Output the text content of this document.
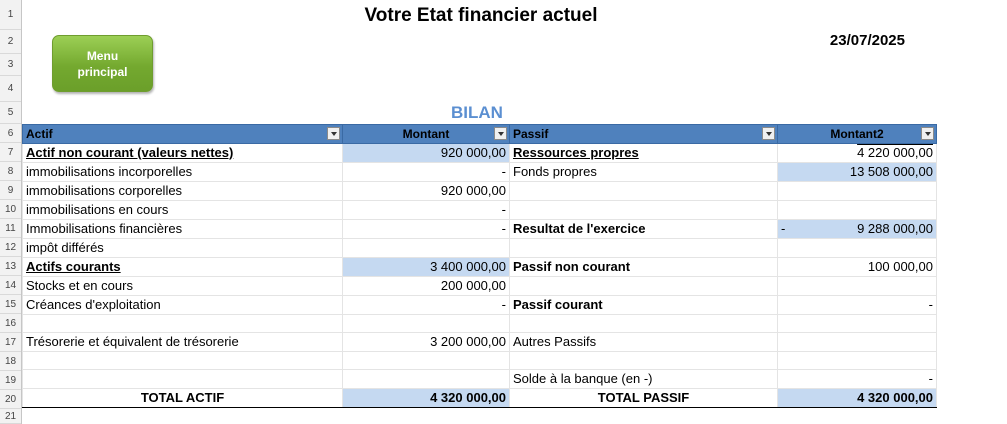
1
2
3
4
5
6
7
8
9
10
11
12
13
14
15
16
17
18
19
20
21
Votre Etat financier actuel
23/07/2025
Menu
principal
BILAN
Actif	Montant	Passif	Montant2

Actif non courant (valeurs nettes)	920 000,00	Ressources propres	4 220 000,00
immobilisations incorporelles	-	Fonds propres	13 508 000,00
immobilisations corporelles	920 000,00		
immobilisations en cours	-		
Immobilisations financières	-	Resultat de l'exercice	- 9 288 000,00
impôt différés			
Actifs courants	3 400 000,00	Passif non courant	100 000,00
Stocks et en cours	200 000,00		
Créances d'exploitation	-	Passif courant	-

Trésorerie et équivalent de trésorerie	3 200 000,00	Autres Passifs	

		Solde à la banque (en -)	-
TOTAL ACTIF	4 320 000,00	TOTAL PASSIF	4 320 000,00
